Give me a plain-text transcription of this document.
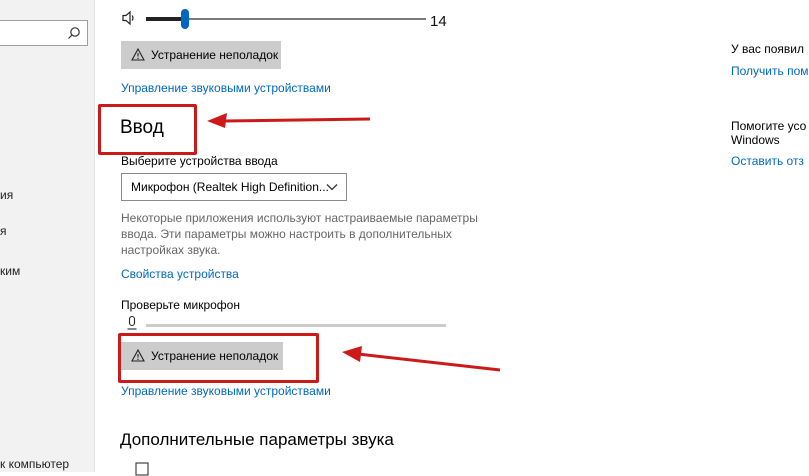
ия
я
ким
к компьютер
14
Устранение неполадок
Управление звуковыми устройствами
Ввод
Выберите устройства ввода
Некоторые приложения используют настраиваемые параметры
ввода. Эти параметры можно настроить в дополнительных
настройках звука.
Свойства устройства
Проверьте микрофон
Устранение неполадок
Управление звуковыми устройствами
Дополнительные параметры звука
Микрофон (Realtek High Definition...
У вас появил
Получить пом
Помогите усо
Windows
Оставить отз
